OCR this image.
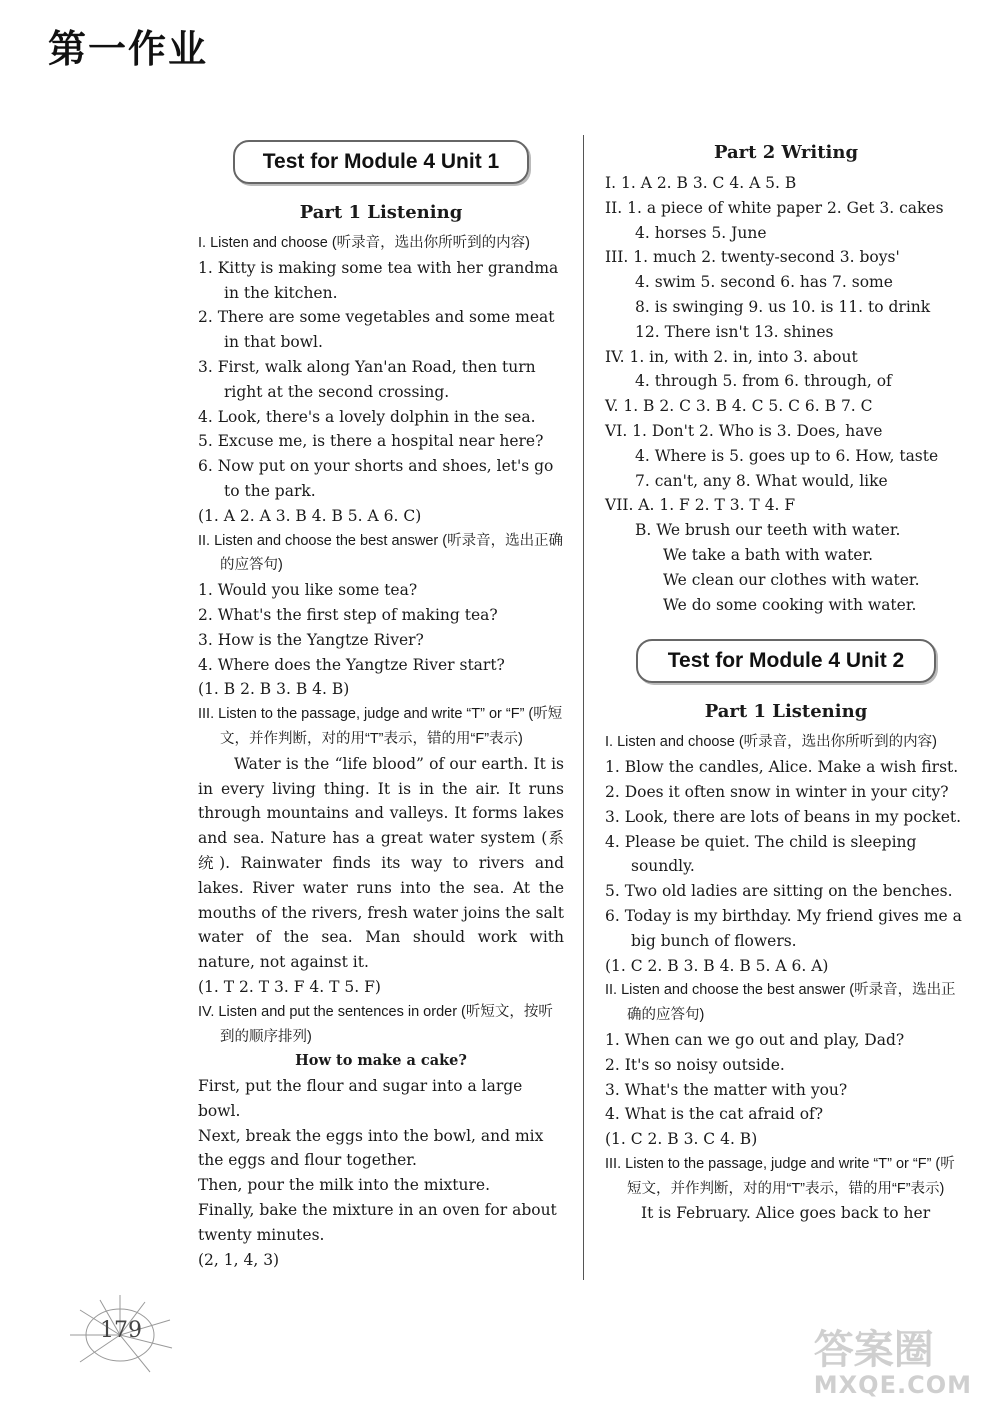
第一作业
Test for Module 4 Unit 1
Part 1 Listening
I. Listen and choose (听录音，选出你所听到的内容)
1. Kitty is making some tea with her grandma in the kitchen.
2. There are some vegetables and some meat in that bowl.
3. First, walk along Yan'an Road, then turn right at the second crossing.
4. Look, there's a lovely dolphin in the sea.
5. Excuse me, is there a hospital near here?
6. Now put on your shorts and shoes, let's go to the park.
(1. A 2. A 3. B 4. B 5. A 6. C)
II. Listen and choose the best answer (听录音，选出正确的应答句)
1. Would you like some tea?
2. What's the first step of making tea?
3. How is the Yangtze River?
4. Where does the Yangtze River start?
(1. B 2. B 3. B 4. B)
III. Listen to the passage, judge and write “T” or “F” (听短文，并作判断，对的用“T”表示，错的用“F”表示)
Water is the “life blood” of our earth. It is in every living thing. It is in the air. It runs through mountains and valleys. It forms lakes and sea. Nature has a great water system (系统). Rainwater finds its way to rivers and lakes. River water runs into the sea. At the mouths of the rivers, fresh water joins the salt water of the sea. Man should work with nature, not against it.
(1. T 2. T 3. F 4. T 5. F)
IV. Listen and put the sentences in order (听短文，按听到的顺序排列)
How to make a cake?
First, put the flour and sugar into a large bowl.
Next, break the eggs into the bowl, and mix the eggs and flour together.
Then, pour the milk into the mixture.
Finally, bake the mixture in an oven for about twenty minutes.
(2, 1, 4, 3)
Part 2 Writing
I. 1. A 2. B 3. C 4. A 5. B
II. 1. a piece of white paper 2. Get 3. cakes
4. horses 5. June
III. 1. much 2. twenty-second 3. boys'
4. swim 5. second 6. has 7. some
8. is swinging 9. us 10. is 11. to drink
12. There isn't 13. shines
IV. 1. in, with 2. in, into 3. about
4. through 5. from 6. through, of
V. 1. B 2. C 3. B 4. C 5. C 6. B 7. C
VI. 1. Don't 2. Who is 3. Does, have
4. Where is 5. goes up to 6. How, taste
7. can't, any 8. What would, like
VII. A. 1. F 2. T 3. T 4. F
B. We brush our teeth with water.
We take a bath with water.
We clean our clothes with water.
We do some cooking with water.
Test for Module 4 Unit 2
Part 1 Listening
I. Listen and choose (听录音，选出你所听到的内容)
1. Blow the candles, Alice. Make a wish first.
2. Does it often snow in winter in your city?
3. Look, there are lots of beans in my pocket.
4. Please be quiet. The child is sleeping soundly.
5. Two old ladies are sitting on the benches.
6. Today is my birthday. My friend gives me a big bunch of flowers.
(1. C 2. B 3. B 4. B 5. A 6. A)
II. Listen and choose the best answer (听录音，选出正确的应答句)
1. When can we go out and play, Dad?
2. It's so noisy outside.
3. What's the matter with you?
4. What is the cat afraid of?
(1. C 2. B 3. C 4. B)
III. Listen to the passage, judge and write “T” or “F” (听短文，并作判断，对的用“T”表示，错的用“F”表示)
It is February. Alice goes back to her
179	答案圈
MXQE.COM
